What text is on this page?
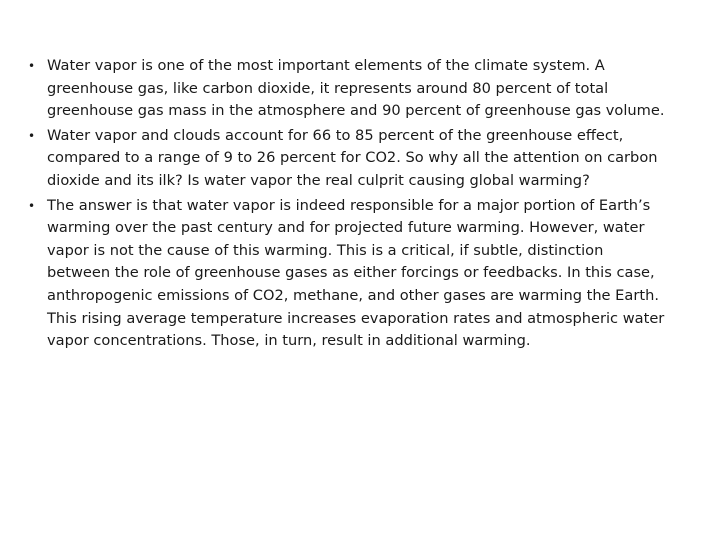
• Water vapor is one of the most important elements of the climate system. A greenhouse gas, like carbon dioxide, it represents around 80 percent of total greenhouse gas mass in the atmosphere and 90 percent of greenhouse gas volume.
• Water vapor and clouds account for 66 to 85 percent of the greenhouse effect, compared to a range of 9 to 26 percent for CO2. So why all the attention on carbon dioxide and its ilk? Is water vapor the real culprit causing global warming?
• The answer is that water vapor is indeed responsible for a major portion of Earth’s warming over the past century and for projected future warming. However, water vapor is not the cause of this warming. This is a critical, if subtle, distinction between the role of greenhouse gases as either forcings or feedbacks. In this case, anthropogenic emissions of CO2, methane, and other gases are warming the Earth. This rising average temperature increases evaporation rates and atmospheric water vapor concentrations. Those, in turn, result in additional warming.
